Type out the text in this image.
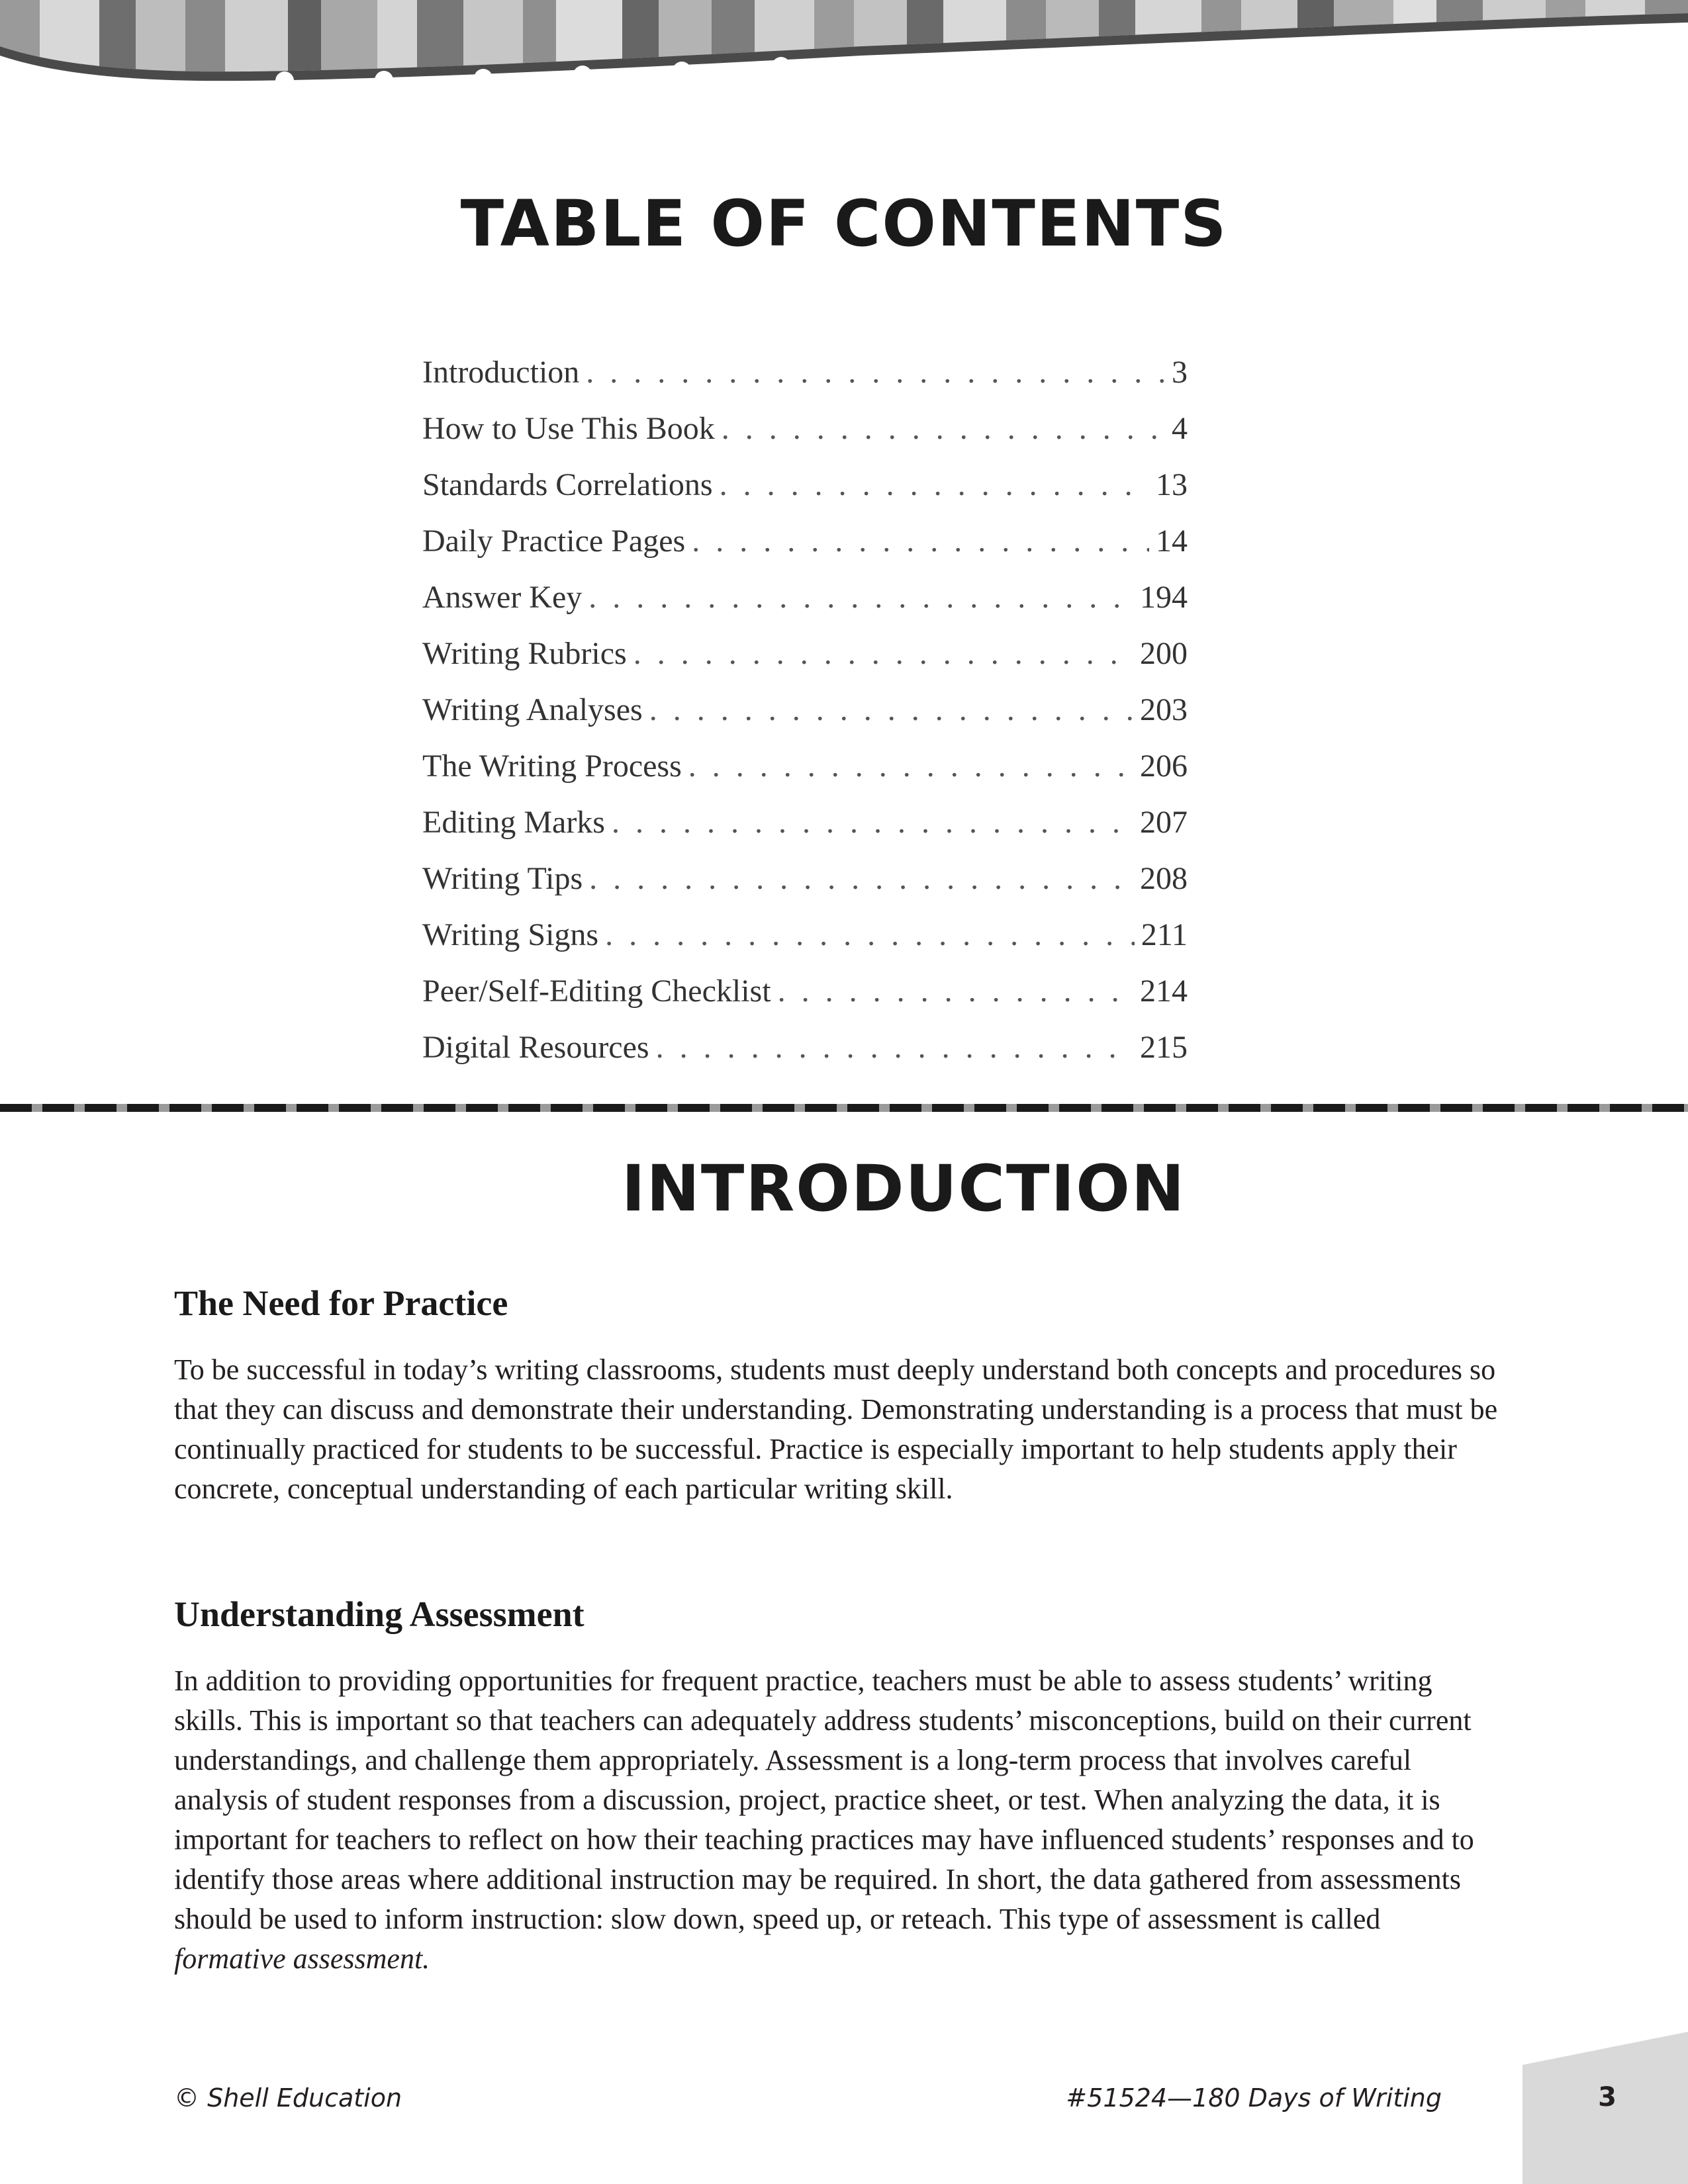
TABLE OF CONTENTS
Introduction . . .	3
How to Use This Book . . .	4
Standards Correlations . . .	13
Daily Practice Pages . . .	14
Answer Key . . .	194
Writing Rubrics . . .	200
Writing Analyses . . .	203
The Writing Process . . .	206
Editing Marks . . .	207
Writing Tips . . .	208
Writing Signs . . .	211
Peer/Self-Editing Checklist . . .	214
Digital Resources . . .	215
INTRODUCTION
The Need for Practice

To be successful in today’s writing classrooms, students must deeply understand both concepts and procedures so that they can discuss and demonstrate their understanding. Demonstrating understanding is a process that must be continually practiced for students to be successful. Practice is especially important to help students apply their concrete, conceptual understanding of each particular writing skill.

Understanding Assessment

In addition to providing opportunities for frequent practice, teachers must be able to assess students’ writing skills. This is important so that teachers can adequately address students’ misconceptions, build on their current understandings, and challenge them appropriately. Assessment is a long-term process that involves careful analysis of student responses from a discussion, project, practice sheet, or test. When analyzing the data, it is important for teachers to reflect on how their teaching practices may have influenced students’ responses and to identify those areas where additional instruction may be required. In short, the data gathered from assessments should be used to inform instruction: slow down, speed up, or reteach. This type of assessment is called formative assessment.

© Shell Education	#51524—180 Days of Writing	3
